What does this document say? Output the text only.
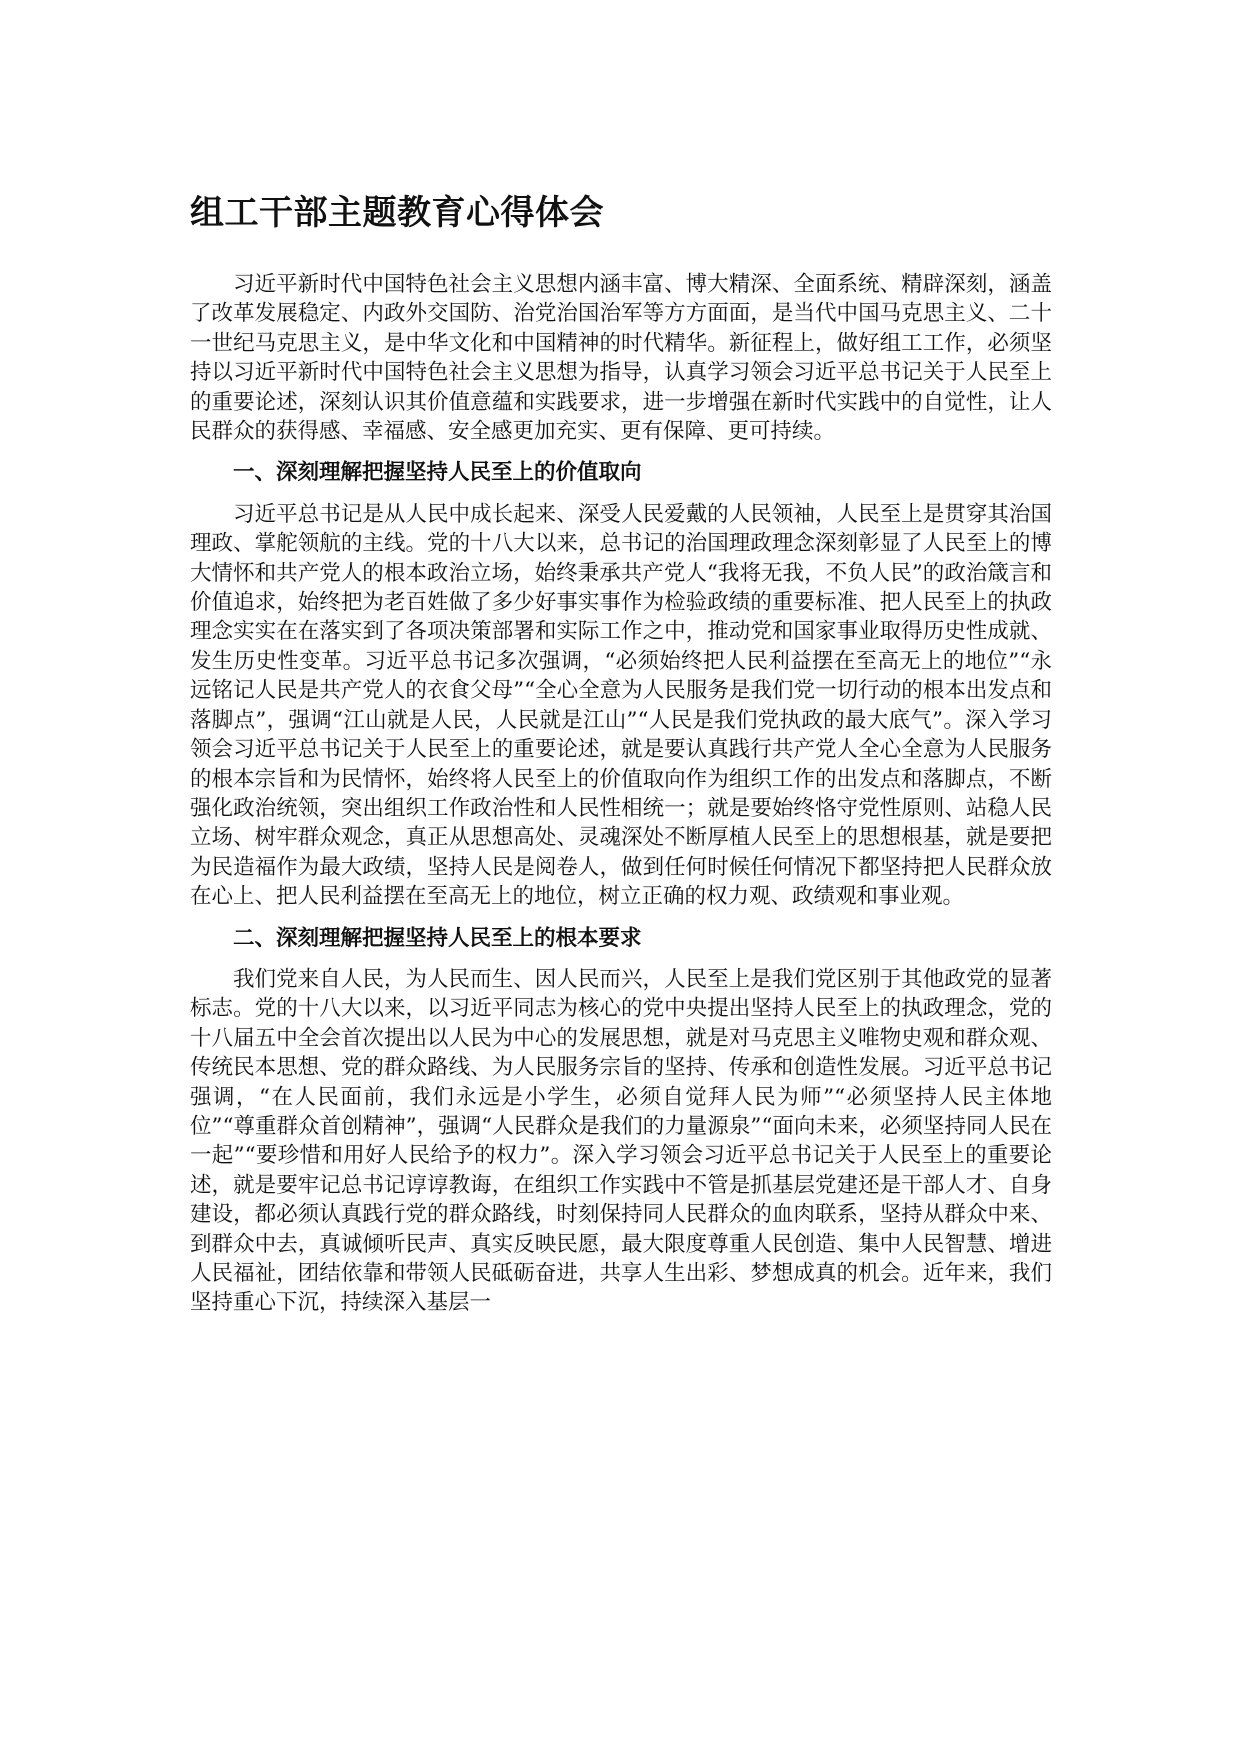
组工干部主题教育心得体会

习近平新时代中国特色社会主义思想内涵丰富、博大精深、全面系统、精辟深刻，涵盖了改革发展稳定、内政外交国防、治党治国治军等方方面面，是当代中国马克思主义、二十一世纪马克思主义，是中华文化和中国精神的时代精华。新征程上，做好组工工作，必须坚持以习近平新时代中国特色社会主义思想为指导，认真学习领会习近平总书记关于人民至上的重要论述，深刻认识其价值意蕴和实践要求，进一步增强在新时代实践中的自觉性，让人民群众的获得感、幸福感、安全感更加充实、更有保障、更可持续。

一、深刻理解把握坚持人民至上的价值取向

习近平总书记是从人民中成长起来、深受人民爱戴的人民领袖，人民至上是贯穿其治国理政、掌舵领航的主线。党的十八大以来，总书记的治国理政理念深刻彰显了人民至上的博大情怀和共产党人的根本政治立场，始终秉承共产党人“我将无我，不负人民”的政治箴言和价值追求，始终把为老百姓做了多少好事实事作为检验政绩的重要标准、把人民至上的执政理念实实在在落实到了各项决策部署和实际工作之中，推动党和国家事业取得历史性成就、发生历史性变革。习近平总书记多次强调，“必须始终把人民利益摆在至高无上的地位”“永远铭记人民是共产党人的衣食父母”“全心全意为人民服务是我们党一切行动的根本出发点和落脚点”，强调“江山就是人民，人民就是江山”“人民是我们党执政的最大底气”。深入学习领会习近平总书记关于人民至上的重要论述，就是要认真践行共产党人全心全意为人民服务的根本宗旨和为民情怀，始终将人民至上的价值取向作为组织工作的出发点和落脚点，不断强化政治统领，突出组织工作政治性和人民性相统一；就是要始终恪守党性原则、站稳人民立场、树牢群众观念，真正从思想高处、灵魂深处不断厚植人民至上的思想根基，就是要把为民造福作为最大政绩，坚持人民是阅卷人，做到任何时候任何情况下都坚持把人民群众放在心上、把人民利益摆在至高无上的地位，树立正确的权力观、政绩观和事业观。

二、深刻理解把握坚持人民至上的根本要求

我们党来自人民，为人民而生、因人民而兴，人民至上是我们党区别于其他政党的显著标志。党的十八大以来，以习近平同志为核心的党中央提出坚持人民至上的执政理念，党的十八届五中全会首次提出以人民为中心的发展思想，就是对马克思主义唯物史观和群众观、传统民本思想、党的群众路线、为人民服务宗旨的坚持、传承和创造性发展。习近平总书记强调，“在人民面前，我们永远是小学生，必须自觉拜人民为师”“必须坚持人民主体地位”“尊重群众首创精神”，强调“人民群众是我们的力量源泉”“面向未来，必须坚持同人民在一起”“要珍惜和用好人民给予的权力”。深入学习领会习近平总书记关于人民至上的重要论述，就是要牢记总书记谆谆教诲，在组织工作实践中不管是抓基层党建还是干部人才、自身建设，都必须认真践行党的群众路线，时刻保持同人民群众的血肉联系，坚持从群众中来、到群众中去，真诚倾听民声、真实反映民愿，最大限度尊重人民创造、集中人民智慧、增进人民福祉，团结依靠和带领人民砥砺奋进，共享人生出彩、梦想成真的机会。近年来，我们坚持重心下沉，持续深入基层一
